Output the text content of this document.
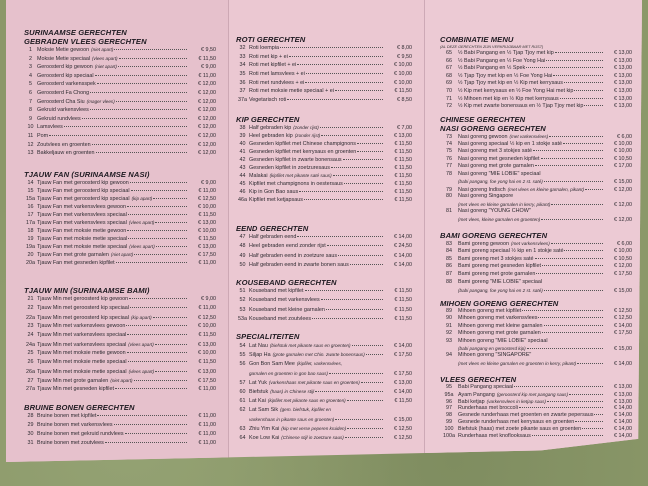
SURINAAMSE GERECHTEN
GEBRADEN VLEES GERECHTEN
1 Moksie Metie gewoon (niet apart)	€ 9,50
2 Moksie Metie speciaal (vlees apart)	€ 11,50
3 Geroosterd kip gewoon (niet apart)	€ 9,00
4 Geroosterd kip speciaal	€ 11,00
5 Geroosterd varkensspek	€ 12,00
6 Geroosterd Fa Chong	€ 12,00
7 Geroosterd Cha Siu (mager vlees)	€ 12,00
8 Gekruid varkensvlees	€ 12,00
9 Gekruid rundvlees	€ 12,00
10 Lamsvlees	€ 12,00
11 Pom	€ 12,00
12 Zoutvlees en groenten	€ 12,00
13 Bakkeljauw en groenten	€ 12,00
TJAUW FAN (SURINAAMSE NASI)
14 Tjauw Fan met geroosterd kip gewoon	€ 9,00
15 Tjauw Fan met geroosterd kip speciaal	€ 11,00
15a Tjauw Fan met geroosterd kip speciaal (kip apart)	€ 12,50
16 Tjauw Fan met varkensvlees gewoon	€ 10,00
17 Tjauw Fan met varkensvlees speciaal	€ 11,50
17a Tjauw Fan met varkensvlees speciaal (vlees apart)	€ 13,00
18 Tjauw Fan met moksie metie gewoon	€ 10,00
19 Tjauw Fan met moksie metie speciaal	€ 11,50
19a Tjauw Fan met moksie metie speciaal (vlees apart)	€ 13,00
20 Tjauw Fan met grote garnalen (niet apart)	€ 17,50
20a Tjauw Fan met gesneden kipfilet	€ 11,00
TJAUW MIN (SURINAAMSE BAMI)
21 Tjauw Min met geroosterd kip gewoon	€ 9,00
22 Tjauw Min met geroosterd kip speciaal	€ 11,00
22a Tjauw Min met geroosterd kip speciaal (kip apart)	€ 12,50
23 Tjauw Min met varkensvlees gewoon	€ 10,00
24 Tjauw Min met varkensvlees speciaal	€ 11,50
24a Tjauw Min met varkensvlees speciaal (vlees apart)	€ 13,00
25 Tjauw Min met moksie metie gewoon	€ 10,00
26 Tjauw Min met moksie metie speciaal	€ 11,50
26a Tjauw Min met moksie metie speciaal (vlees apart)	€ 13,00
27 Tjauw Min met grote garnalen (niet apart)	€ 17,50
27a Tjauw Min met gesneden kipfilet	€ 11,00
BRUINE BONEN GERECHTEN
28 Bruine bonen met kipfilet	€ 11,00
29 Bruine bonen met varkensvlees	€ 11,00
30 Bruine bonen met gekruid rundvlees	€ 11,00
31 Bruine bonen met zoutvlees	€ 11,00
ROTI GERECHTEN
32 Roti loempia	€ 8,00
33 Roti met kip + ei	€ 9,50
34 Roti met kipfilet + ei	€ 10,00
35 Roti met lamsvlees + ei	€ 10,00
36 Roti met rundvlees + ei	€ 10,00
37 Roti met moksie metie speciaal + ei	€ 11,50
37a Vegetarisch roti	€ 8,50
KIP GERECHTEN
38 Half gebraden kip (zonder rijst)	€ 7,00
39 Heel gebraden kip (zonder rijst)	€ 13,00
40 Gesneden kipfilet met Chinese champignons	€ 11,50
41 Gesneden kipfilet met kerrysaus en groenten	€ 11,50
42 Gesneden kipfilet in zwarte bonensaus	€ 11,50
43 Gesneden kipfilet in zoetzuresaus	€ 11,50
44 Malakai (kipfilet met pikante saté saus)	€ 11,50
45 Kipfilet met champignons in oestersaus	€ 11,50
46 Kip in Gon Bao saus	€ 11,50
46a Kipfilet met ketjapsaus	€ 11,50
EEND GERECHTEN
47 Half gebraden eend	€ 14,00
48 Heel gebraden eend zonder rijst	€ 24,50
49 Half gebraden eend in zoetzure saus	€ 14,00
50 Half gebraden eend in zwarte bonen saus	€ 14,00
KOUSEBAND GERECHTEN
51 Kouseband met kipfilet	€ 11,50
52 Kouseband met varkensvlees	€ 11,50
53 Kouseband met kleine garnalen	€ 11,50
53a Kouseband met zoutvlees	€ 11,50
SPECIALITEITEN
54 Lat Nau (biefstuk met pikante saus en groenten)	€ 14,00
55 Siljap Ha (grote garnalen met Chin. zwarte bonensaus)	€ 17,50
56 Gon Bon Sam Mee (kipfilet, varkensvlees,
garnalen en groenten in gon bao saus)	€ 17,50
57 Lat Yuk (varkenshaas met pikante saus en groenten)	€ 13,00
60 Biefstuk (haas) in Chinese stijl	€ 14,00
61 Lat Kai (kipfilet met pikante saus en groenten)	€ 11,50
62 Lat Sam Sik (gem. biefstuk, kipfilet en
varkenshaas in pikante saus en groenten)	€ 15,00
63 Zhiu Yim Kai (kip met verse peperen kruiden)	€ 12,50
64 Koe Low Kai (Chinese stijl in zoetzure saus)	€ 12,50
COMBINATIE MENU
(AL DEZE GERECHTEN ZIJN VERKRIJGBAAR MET RIJST)
65	½ Babi Pangang en ½ Tjap Tjoy met kip	€ 13,00
66	½ Babi Pangang en ½ Foe Yong Hai	€ 13,00
67	½ Babi Pangang en ½ Spek	€ 13,00
68	½ Tjap Tjoy met kip en ½ Foe Yong Hai	€ 13,00
69	½ Tjap Tjoy met kip en ½ Kip met kerrysaus	€ 13,00
70	½ Kip met kerrysaus en ½ Foe Yong Hai met kip	€ 13,00
71	½ Mihoen met kip en ½ Kip met kerrysaus	€ 13,00
72	½ Kip met zwarte bonensaus en ½ Tjap Tjoy met kip	€ 13,00
CHINESE GERECHTEN
NASI GORENG GERECHTEN
73	Nasi goreng gewoon (met varkensvlees)	€ 6,00
74	Nasi goreng speciaal ½ kip en 1 stokje saté	€ 10,00
75	Nasi goreng met 3 stokjes saté	€ 10,00
76	Nasi goreng met gesneden kipfilet	€ 10,50
77	Nasi goreng met grote garnalen	€ 17,00
78	Nasi goreng "MIE LOBIE" speciaal
(babi pangang, foe yong hai en 2 st. saté)	€ 15,00
79	Nasi goreng Indisch (met vlees en kleine garnalen, pikant)	€ 12,00
80	Nasi goreng Singapore
(met vlees en kleine garnalen in kerry, pikant)	€ 12,00
81	Nasi goreng "YOUNG CHOW"
(met vlees, kleine garnalen en groenten)	€ 12,00
BAMI GORENG GERECHTEN
83	Bami goreng gewoon (met varkensvlees)	€ 6,00
84	Bami goreng speciaal ½ kip en 1 stokje saté	€ 10,00
85	Bami goreng met 3 stokjes saté	€ 10,50
86	Bami goreng met gesneden kipfilet	€ 12,00
87	Bami goreng met grote garnalen	€ 17,50
88	Bami goreng "MIE LOBIE" speciaal
(babi pangang, foe yong hai en 2 st. saté)	€ 15,00
MIHOEN GORENG GERECHTEN
89	Mihoen goreng met kipfilet	€ 12,50
90	Mihoen goreng met varkensvlees	€ 12,50
91	Mihoen goreng met kleine garnalen	€ 14,00
92	Mihoen goreng met grote garnalen	€ 17,50
93	Mihoen goreng "MIE LOBIE" speciaal
(babi pangang en geroosterd kip)	€ 15,00
94	Mihoen goreng "SINGAPORE"
(met vlees en kleine garnalen en groenten in kerry, pikant)	€ 14,00
VLEES GERECHTEN
95	Babi Pangang speciaal	€ 13,00
95a Ayam Pangang (geroosterd kip met pangang saus)	€ 13,00
96	Babi ketjap (varkensvlees in ketjap saus)	€ 13,00
97	Runderhaas met broccoli	€ 14,00
98	Gesnede runderhaas met groenten en zwarte pepersaus	€ 14,00
99	Gesnede runderhaas met kerrysaus en groenten	€ 14,00
100 Biefstuk (haas) met zoete pikante saus en groenten	€ 14,00
100a Runderhaas met knoflooksaus	€ 14,00
